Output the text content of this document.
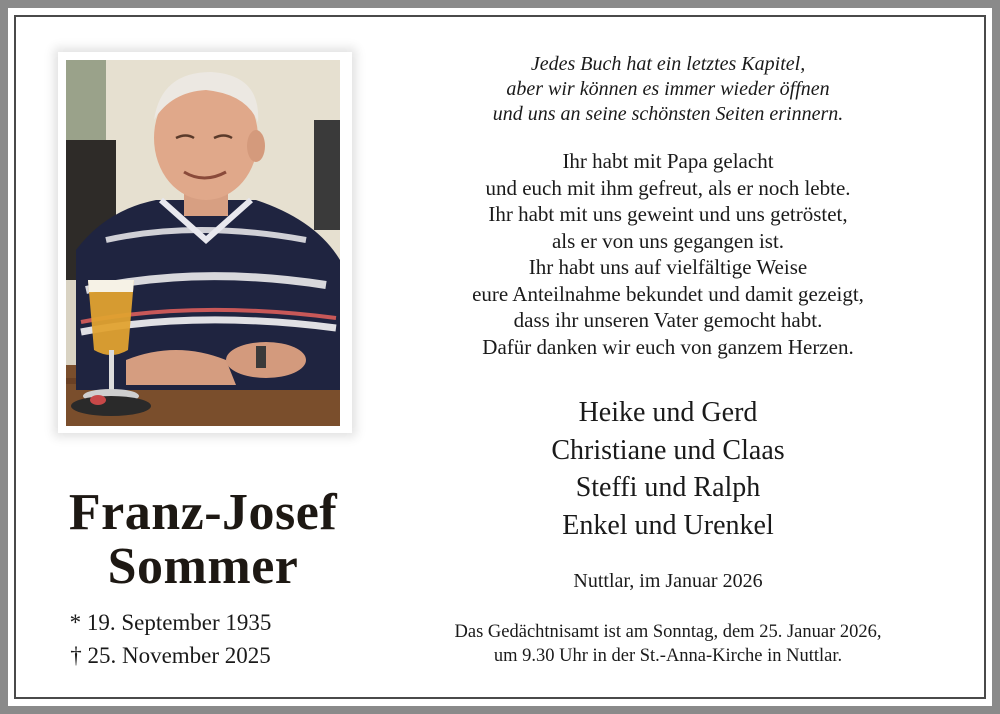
Franz-Josef
Sommer
* 19. September 1935
† 25. November 2025
Jedes Buch hat ein letztes Kapitel,
aber wir können es immer wieder öffnen
und uns an seine schönsten Seiten erinnern.
Ihr habt mit Papa gelacht
und euch mit ihm gefreut, als er noch lebte.
Ihr habt mit uns geweint und uns getröstet,
als er von uns gegangen ist.
Ihr habt uns auf vielfältige Weise
eure Anteilnahme bekundet und damit gezeigt,
dass ihr unseren Vater gemocht habt.
Dafür danken wir euch von ganzem Herzen.
Heike und Gerd
Christiane und Claas
Steffi und Ralph
Enkel und Urenkel
Nuttlar, im Januar 2026
Das Gedächtnisamt ist am Sonntag, dem 25. Januar 2026,
um 9.30 Uhr in der St.-Anna-Kirche in Nuttlar.
